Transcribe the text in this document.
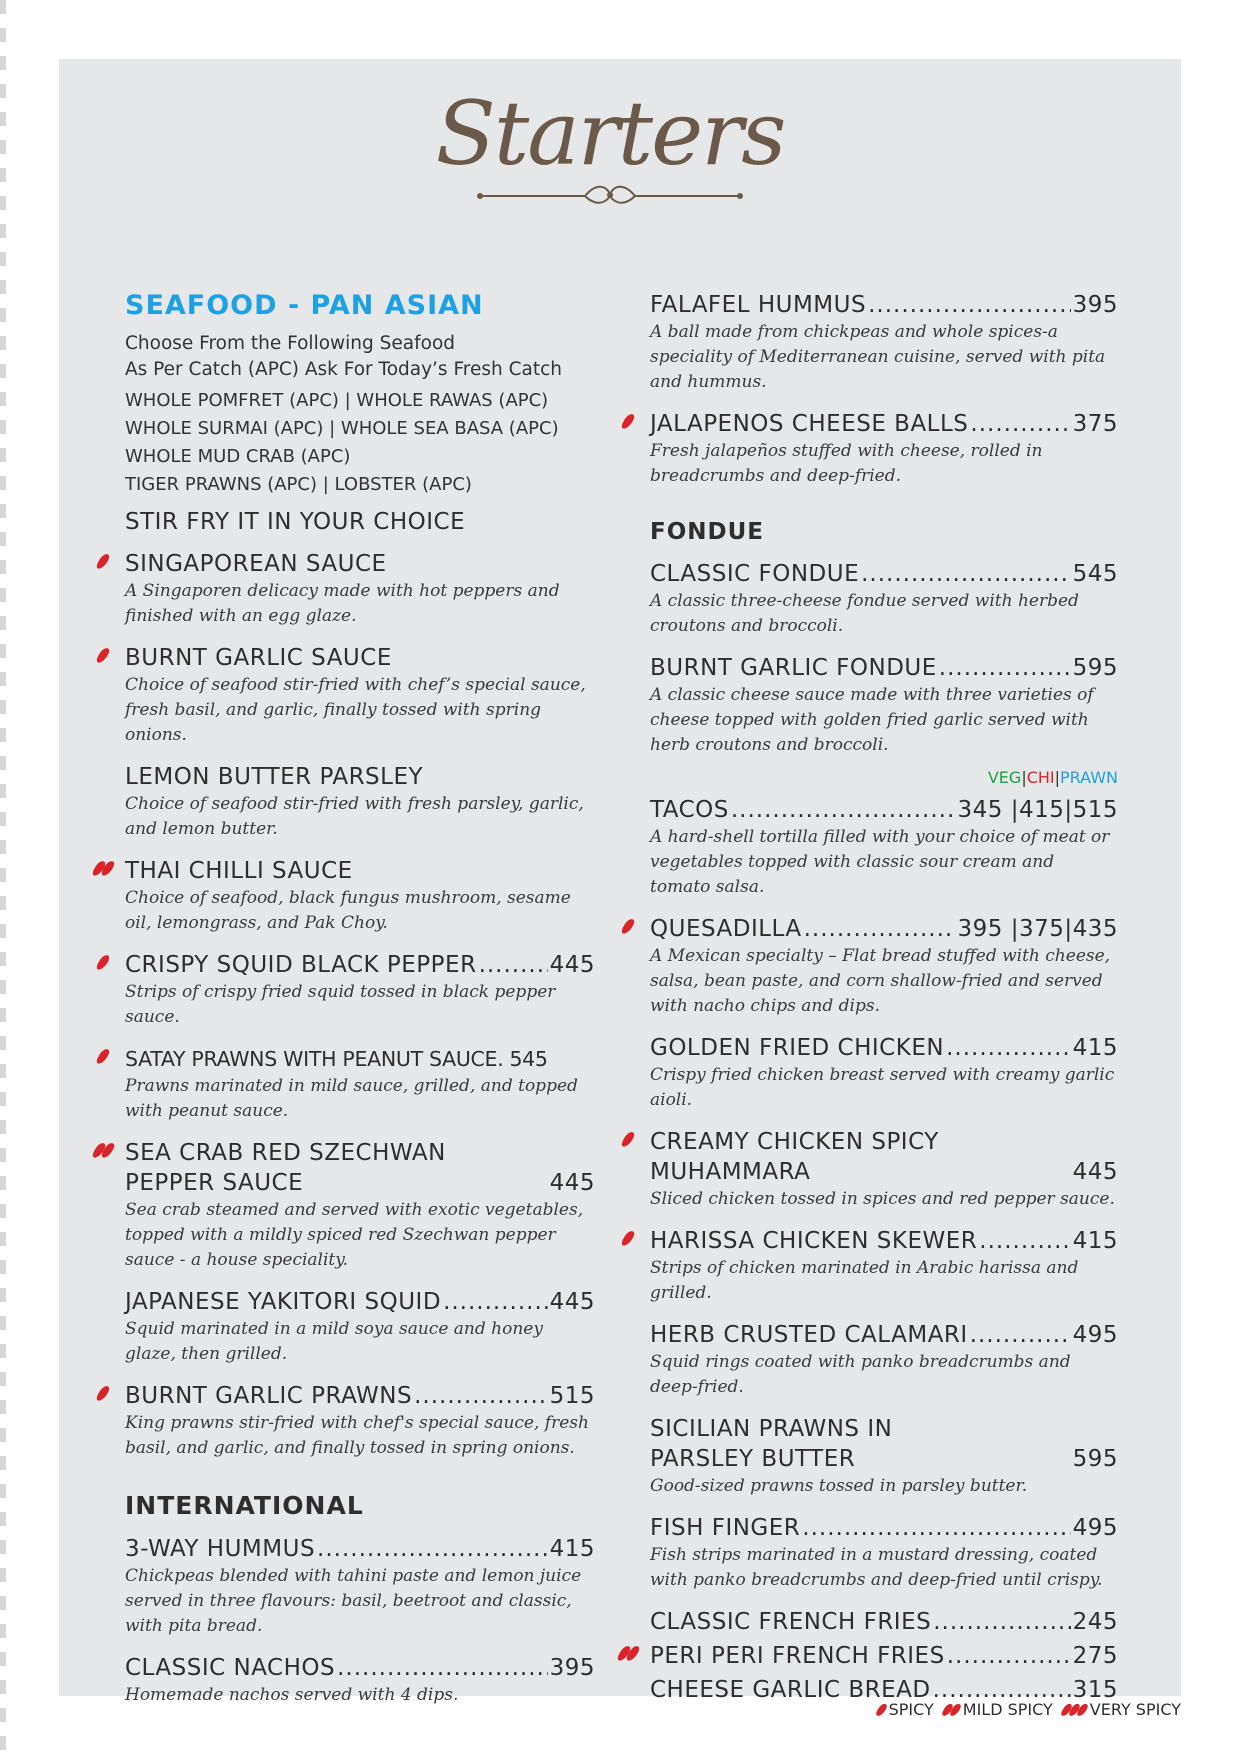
Starters
SEAFOOD - PAN ASIAN
Choose From the Following Seafood
As Per Catch (APC) Ask For Today’s Fresh Catch
WHOLE POMFRET (APC) | WHOLE RAWAS (APC)
WHOLE SURMAI (APC) | WHOLE SEA BASA (APC)
WHOLE MUD CRAB (APC)
TIGER PRAWNS (APC) | LOBSTER (APC)
STIR FRY IT IN YOUR CHOICE
SINGAPOREAN SAUCE
A Singaporen delicacy made with hot peppers and finished with an egg glaze.
BURNT GARLIC SAUCE
Choice of seafood stir-fried with chef’s special sauce, fresh basil, and garlic, finally tossed with spring onions.
LEMON BUTTER PARSLEY
Choice of seafood stir-fried with fresh parsley, garlic, and lemon butter.
THAI CHILLI SAUCE
Choice of seafood, black fungus mushroom, sesame oil, lemongrass, and Pak Choy.
CRISPY SQUID BLACK PEPPER .....	445
Strips of crispy fried squid tossed in black pepper sauce.
SATAY PRAWNS WITH PEANUT SAUCE. 545
Prawns marinated in mild sauce, grilled, and topped with peanut sauce.
SEA CRAB RED SZECHWAN
PEPPER SAUCE	445
Sea crab steamed and served with exotic vegetables, topped with a mildly spiced red Szechwan pepper sauce - a house speciality.
JAPANESE YAKITORI SQUID .....	445
Squid marinated in a mild soya sauce and honey glaze, then grilled.
BURNT GARLIC PRAWNS .....	515
King prawns stir-fried with chef's special sauce, fresh basil, and garlic, and finally tossed in spring onions.
INTERNATIONAL
3-WAY HUMMUS .....	415
Chickpeas blended with tahini paste and lemon juice served in three flavours: basil, beetroot and classic, with pita bread.
CLASSIC NACHOS .....	395
Homemade nachos served with 4 dips.
FALAFEL HUMMUS .....	395
A ball made from chickpeas and whole spices-a speciality of Mediterranean cuisine, served with pita and hummus.
JALAPENOS CHEESE BALLS .....	375
Fresh jalapeños stuffed with cheese, rolled in breadcrumbs and deep-fried.
FONDUE
CLASSIC FONDUE .....	545
A classic three-cheese fondue served with herbed croutons and broccoli.
BURNT GARLIC FONDUE .....	595
A classic cheese sauce made with three varieties of cheese topped with golden fried garlic served with herb croutons and broccoli.
VEG|CHI|PRAWN
TACOS .....	345 |415|515
A hard-shell tortilla filled with your choice of meat or vegetables topped with classic sour cream and tomato salsa.
QUESADILLA .....	395 |375|435
A Mexican specialty – Flat bread stuffed with cheese, salsa, bean paste, and corn shallow-fried and served with nacho chips and dips.
GOLDEN FRIED CHICKEN .....	415
Crispy fried chicken breast served with creamy garlic aioli.
CREAMY CHICKEN SPICY
MUHAMMARA	445
Sliced chicken tossed in spices and red pepper sauce.
HARISSA CHICKEN SKEWER .....	415
Strips of chicken marinated in Arabic harissa and grilled.
HERB CRUSTED CALAMARI .....	495
Squid rings coated with panko breadcrumbs and deep-fried.
SICILIAN PRAWNS IN
PARSLEY BUTTER	595
Good-sized prawns tossed in parsley butter.
FISH FINGER .....	495
Fish strips marinated in a mustard dressing, coated with panko breadcrumbs and deep-fried until crispy.
CLASSIC FRENCH FRIES .....	245
PERI PERI FRENCH FRIES .....	275
CHEESE GARLIC BREAD .....	315
SPICY MILD SPICY VERY SPICY
